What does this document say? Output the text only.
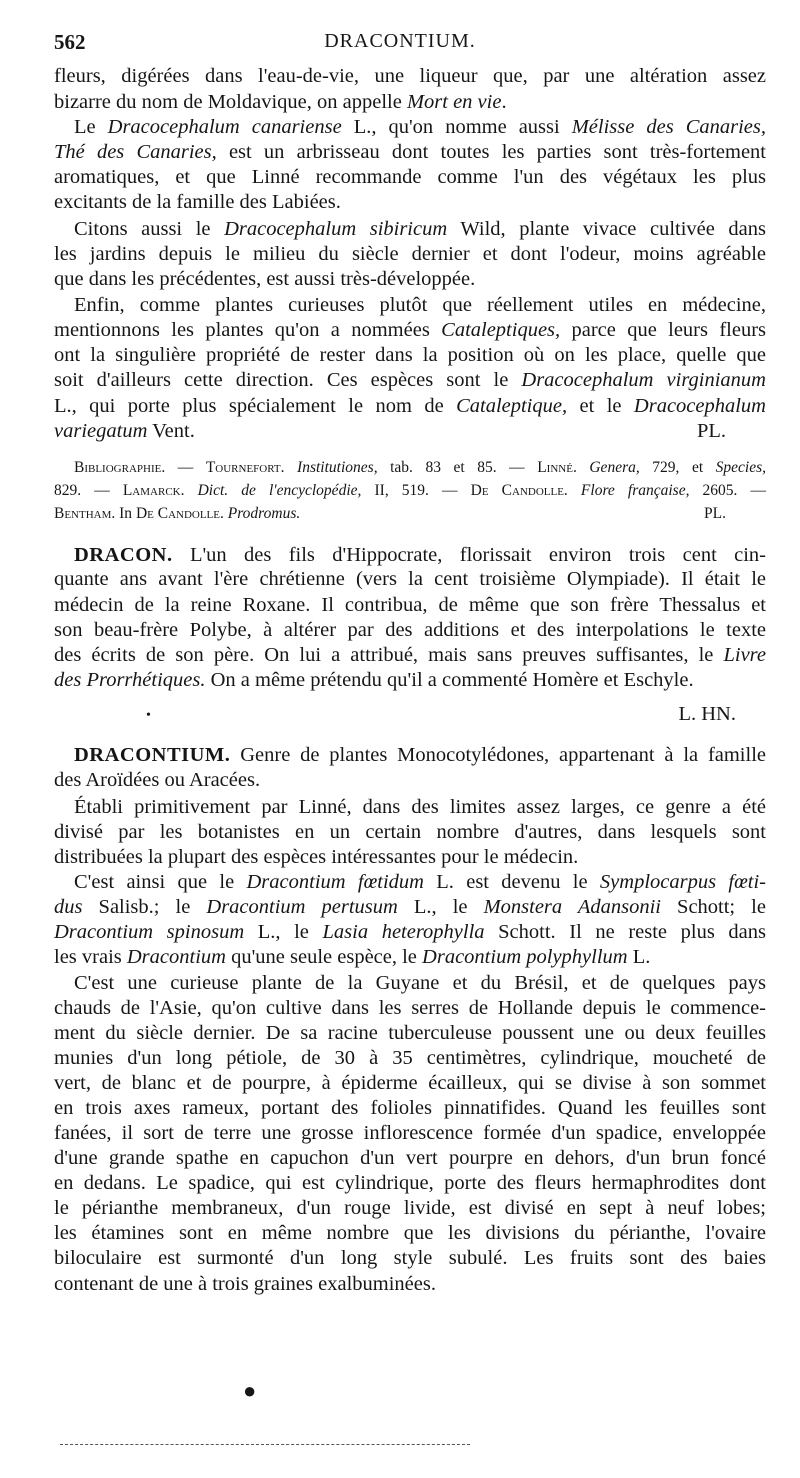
562	DRACONTIUM.
fleurs, digérées dans l'eau-de-vie, une liqueur que, par une altération assez
bizarre du nom de Moldavique, on appelle Mort en vie.
Le Dracocephalum canariense L., qu'on nomme aussi Mélisse des Canaries,
Thé des Canaries, est un arbrisseau dont toutes les parties sont très-fortement
aromatiques, et que Linné recommande comme l'un des végétaux les plus
excitants de la famille des Labiées.
Citons aussi le Dracocephalum sibiricum Wild, plante vivace cultivée dans
les jardins depuis le milieu du siècle dernier et dont l'odeur, moins agréable
que dans les précédentes, est aussi très-développée.
Enfin, comme plantes curieuses plutôt que réellement utiles en médecine,
mentionnons les plantes qu'on a nommées Cataleptiques, parce que leurs fleurs
ont la singulière propriété de rester dans la position où on les place, quelle que
soit d'ailleurs cette direction. Ces espèces sont le Dracocephalum virginianum
L., qui porte plus spécialement le nom de Cataleptique, et le Dracocephalum
variegatum Vent.	PL.
Bibliographie. — Tournefort. Institutiones, tab. 83 et 85. — Linné. Genera, 729, et Species,
829. — Lamarck. Dict. de l'encyclopédie, II, 519. — De Candolle. Flore française, 2605. —
Bentham. In De Candolle. Prodromus.	PL.
DRACON. L'un des fils d'Hippocrate, florissait environ trois cent cin-
quante ans avant l'ère chrétienne (vers la cent troisième Olympiade). Il était le
médecin de la reine Roxane. Il contribua, de même que son frère Thessalus et
son beau-frère Polybe, à altérer par des additions et des interpolations le texte
des écrits de son père. On lui a attribué, mais sans preuves suffisantes, le Livre
des Prorrhétiques. On a même prétendu qu'il a commenté Homère et Eschyle.
L. HN.
DRACONTIUM. Genre de plantes Monocotylédones, appartenant à la famille
des Aroïdées ou Aracées.
Établi primitivement par Linné, dans des limites assez larges, ce genre a été
divisé par les botanistes en un certain nombre d'autres, dans lesquels sont
distribuées la plupart des espèces intéressantes pour le médecin.
C'est ainsi que le Dracontium fœtidum L. est devenu le Symplocarpus fœti-
dus Salisb.; le Dracontium pertusum L., le Monstera Adansonii Schott; le
Dracontium spinosum L., le Lasia heterophylla Schott. Il ne reste plus dans
les vrais Dracontium qu'une seule espèce, le Dracontium polyphyllum L.
C'est une curieuse plante de la Guyane et du Brésil, et de quelques pays
chauds de l'Asie, qu'on cultive dans les serres de Hollande depuis le commence-
ment du siècle dernier. De sa racine tuberculeuse poussent une ou deux feuilles
munies d'un long pétiole, de 30 à 35 centimètres, cylindrique, moucheté de
vert, de blanc et de pourpre, à épiderme écailleux, qui se divise à son sommet
en trois axes rameux, portant des folioles pinnatifides. Quand les feuilles sont
fanées, il sort de terre une grosse inflorescence formée d'un spadice, enveloppée
d'une grande spathe en capuchon d'un vert pourpre en dehors, d'un brun foncé
en dedans. Le spadice, qui est cylindrique, porte des fleurs hermaphrodites dont
le périanthe membraneux, d'un rouge livide, est divisé en sept à neuf lobes;
les étamines sont en même nombre que les divisions du périanthe, l'ovaire
biloculaire est surmonté d'un long style subulé. Les fruits sont des baies
contenant de une à trois graines exalbuminées.
•
●
